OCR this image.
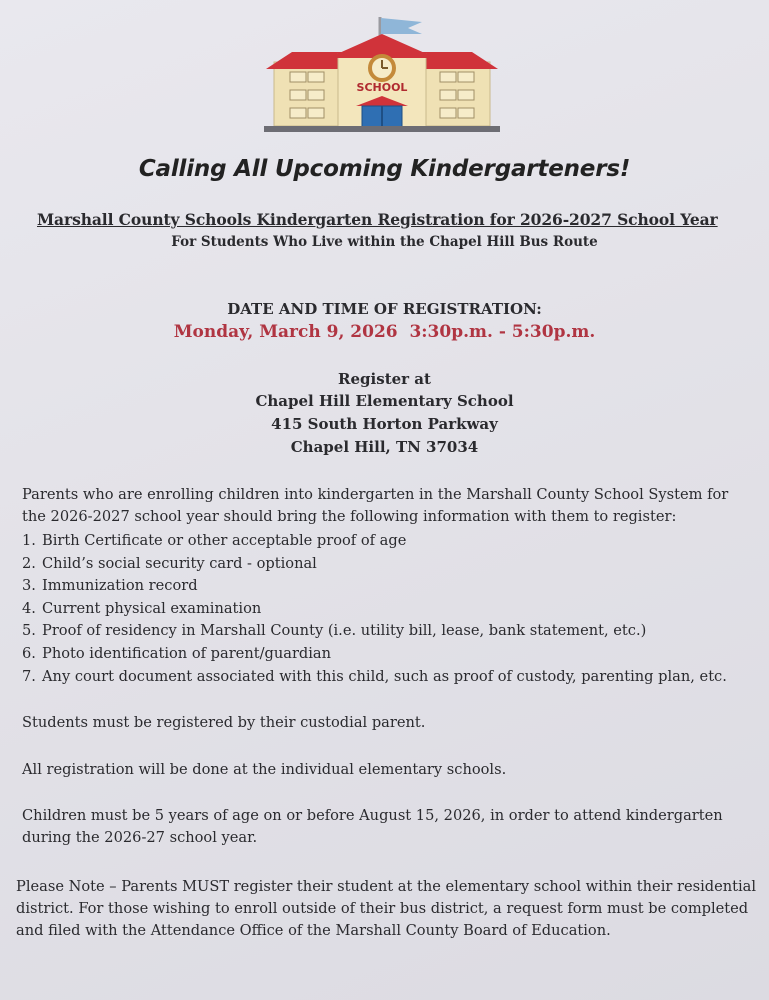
SCHOOL
Calling All Upcoming Kindergarteners!
Marshall County Schools Kindergarten Registration for 2026-2027 School Year
For Students Who Live within the Chapel Hill Bus Route
DATE AND TIME OF REGISTRATION:
Monday, March 9, 2026  3:30p.m. - 5:30p.m.
Register at
Chapel Hill Elementary School
415 South Horton Parkway
Chapel Hill, TN 37034
Parents who are enrolling children into kindergarten in the Marshall County School System for the 2026-2027 school year should bring the following information with them to register:
1. Birth Certificate or other acceptable proof of age
2. Child’s social security card - optional
3. Immunization record
4. Current physical examination
5. Proof of residency in Marshall County (i.e. utility bill, lease, bank statement, etc.)
6. Photo identification of parent/guardian
7. Any court document associated with this child, such as proof of custody, parenting plan, etc.
Students must be registered by their custodial parent.
All registration will be done at the individual elementary schools.
Children must be 5 years of age on or before August 15, 2026, in order to attend kindergarten during the 2026-27 school year.
Please Note – Parents MUST register their student at the elementary school within their residential district. For those wishing to enroll outside of their bus district, a request form must be completed and filed with the Attendance Office of the Marshall County Board of Education.
